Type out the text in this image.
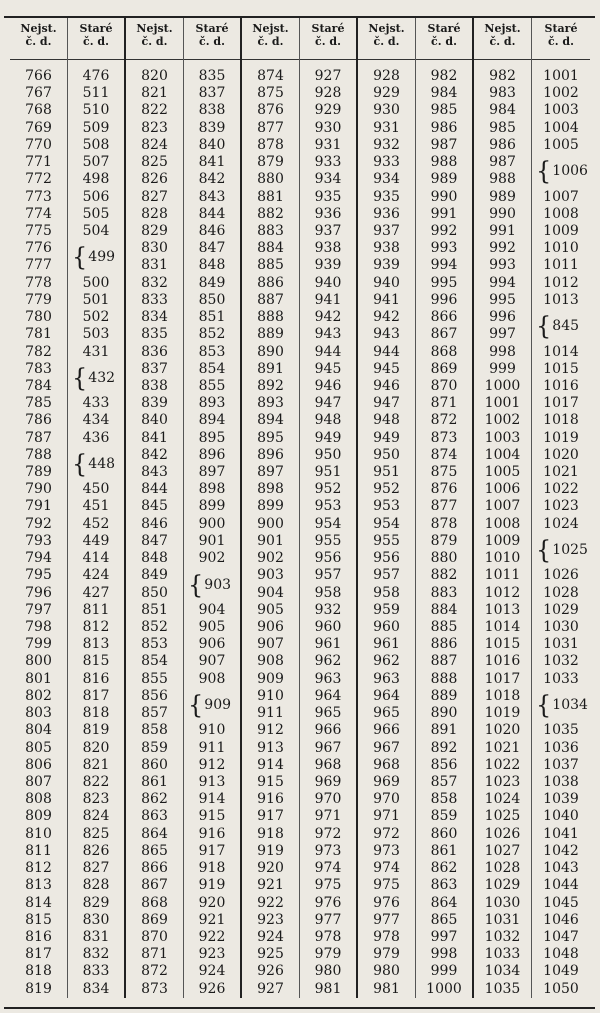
Nejst.
č. d.
766
767
768
769
770
771
772
773
774
775
776
777
778
779
780
781
782
783
784
785
786
787
788
789
790
791
792
793
794
795
796
797
798
799
800
801
802
803
804
805
806
807
808
809
810
811
812
813
814
815
816
817
818
819
Staré
č. d.
476
511
510
509
508
507
498
506
505
504

500
501
502
503
431

433
434
436

450
451
452
449
414
424
427
811
812
813
815
816
817
818
819
820
821
822
823
824
825
826
827
828
829
830
831
832
833
834
{ 499
{ 432
{ 448
Nejst.
č. d.
820
821
822
823
824
825
826
827
828
829
830
831
832
833
834
835
836
837
838
839
840
841
842
843
844
845
846
847
848
849
850
851
852
853
854
855
856
857
858
859
860
861
862
863
864
865
866
867
868
869
870
871
872
873
Staré
č. d.
835
837
838
839
840
841
842
843
844
846
847
848
849
850
851
852
853
854
855
893
894
895
896
897
898
899
900
901
902

904
905
906
907
908

910
911
912
913
914
915
916
917
918
919
920
921
922
923
924
926
{ 903
{ 909
Nejst.
č. d.
874
875
876
877
878
879
880
881
882
883
884
885
886
887
888
889
890
891
892
893
894
895
896
897
898
899
900
901
902
903
904
905
906
907
908
909
910
911
912
913
914
915
916
917
918
919
920
921
922
923
924
925
926
927
Staré
č. d.
927
928
929
930
931
933
934
935
936
937
938
939
940
941
942
943
944
945
946
947
948
949
950
951
952
953
954
955
956
957
958
932
960
961
962
963
964
965
966
967
968
969
970
971
972
973
974
975
976
977
978
979
980
981
Nejst.
č. d.
928
929
930
931
932
933
934
935
936
937
938
939
940
941
942
943
944
945
946
947
948
949
950
951
952
953
954
955
956
957
958
959
960
961
962
963
964
965
966
967
968
969
970
971
972
973
974
975
976
977
978
979
980
981
Staré
č. d.
982
984
985
986
987
988
989
990
991
992
993
994
995
996
866
867
868
869
870
871
872
873
874
875
876
877
878
879
880
882
883
884
885
886
887
888
889
890
891
892
856
857
858
859
860
861
862
863
864
865
997
998
999
1000
Nejst.
č. d.
982
983
984
985
986
987
988
989
990
991
992
993
994
995
996
997
998
999
1000
1001
1002
1003
1004
1005
1006
1007
1008
1009
1010
1011
1012
1013
1014
1015
1016
1017
1018
1019
1020
1021
1022
1023
1024
1025
1026
1027
1028
1029
1030
1031
1032
1033
1034
1035
Staré
č. d.
1001
1002
1003
1004
1005

1007
1008
1009
1010
1011
1012
1013

1014
1015
1016
1017
1018
1019
1020
1021
1022
1023
1024

1026
1028
1029
1030
1031
1032
1033

1035
1036
1037
1038
1039
1040
1041
1042
1043
1044
1045
1046
1047
1048
1049
1050
{ 1006
{ 845
{ 1025
{ 1034
